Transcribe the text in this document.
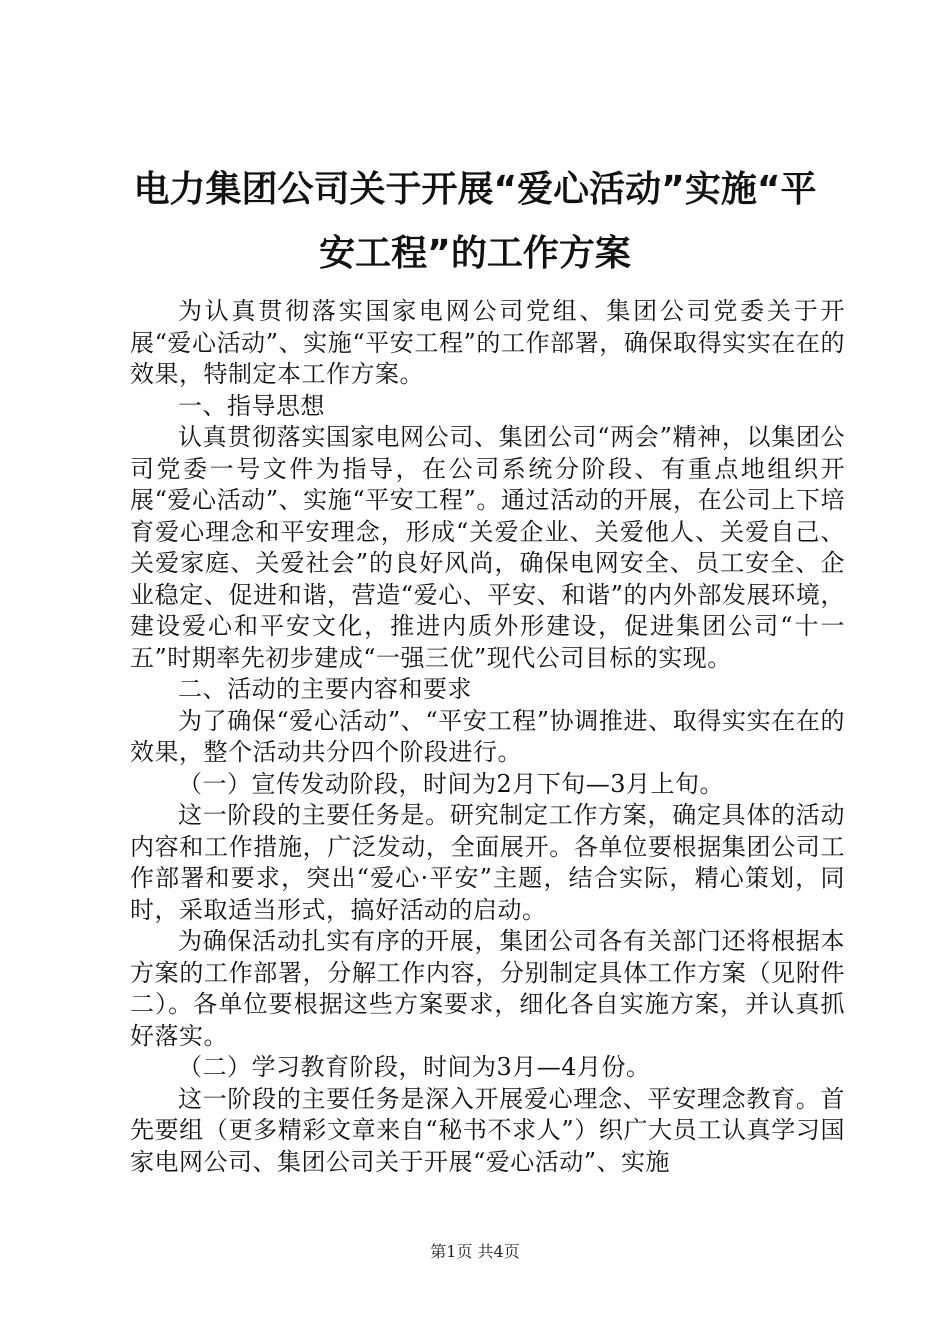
电力集团公司关于开展“爱心活动”实施“平
安工程”的工作方案

为认真贯彻落实国家电网公司党组、集团公司党委关于开展“爱心活动”、实施“平安工程”的工作部署，确保取得实实在在的效果，特制定本工作方案。

一、指导思想

认真贯彻落实国家电网公司、集团公司“两会”精神，以集团公司党委一号文件为指导，在公司系统分阶段、有重点地组织开展“爱心活动”、实施“平安工程”。通过活动的开展，在公司上下培育爱心理念和平安理念，形成“关爱企业、关爱他人、关爱自己、关爱家庭、关爱社会”的良好风尚，确保电网安全、员工安全、企业稳定、促进和谐，营造“爱心、平安、和谐”的内外部发展环境，建设爱心和平安文化，推进内质外形建设，促进集团公司“十一五”时期率先初步建成“一强三优”现代公司目标的实现。

二、活动的主要内容和要求

为了确保“爱心活动”、“平安工程”协调推进、取得实实在在的效果，整个活动共分四个阶段进行。

（一）宣传发动阶段，时间为2月下旬—3月上旬。

这一阶段的主要任务是。研究制定工作方案，确定具体的活动内容和工作措施，广泛发动，全面展开。各单位要根据集团公司工作部署和要求，突出“爱心·平安”主题，结合实际，精心策划，同时，采取适当形式，搞好活动的启动。

为确保活动扎实有序的开展，集团公司各有关部门还将根据本方案的工作部署，分解工作内容，分别制定具体工作方案（见附件二）。各单位要根据这些方案要求，细化各自实施方案，并认真抓好落实。

（二）学习教育阶段，时间为3月—4月份。

这一阶段的主要任务是深入开展爱心理念、平安理念教育。首先要组（更多精彩文章来自“秘书不求人”）织广大员工认真学习国家电网公司、集团公司关于开展“爱心活动”、实施

第1页 共4页
